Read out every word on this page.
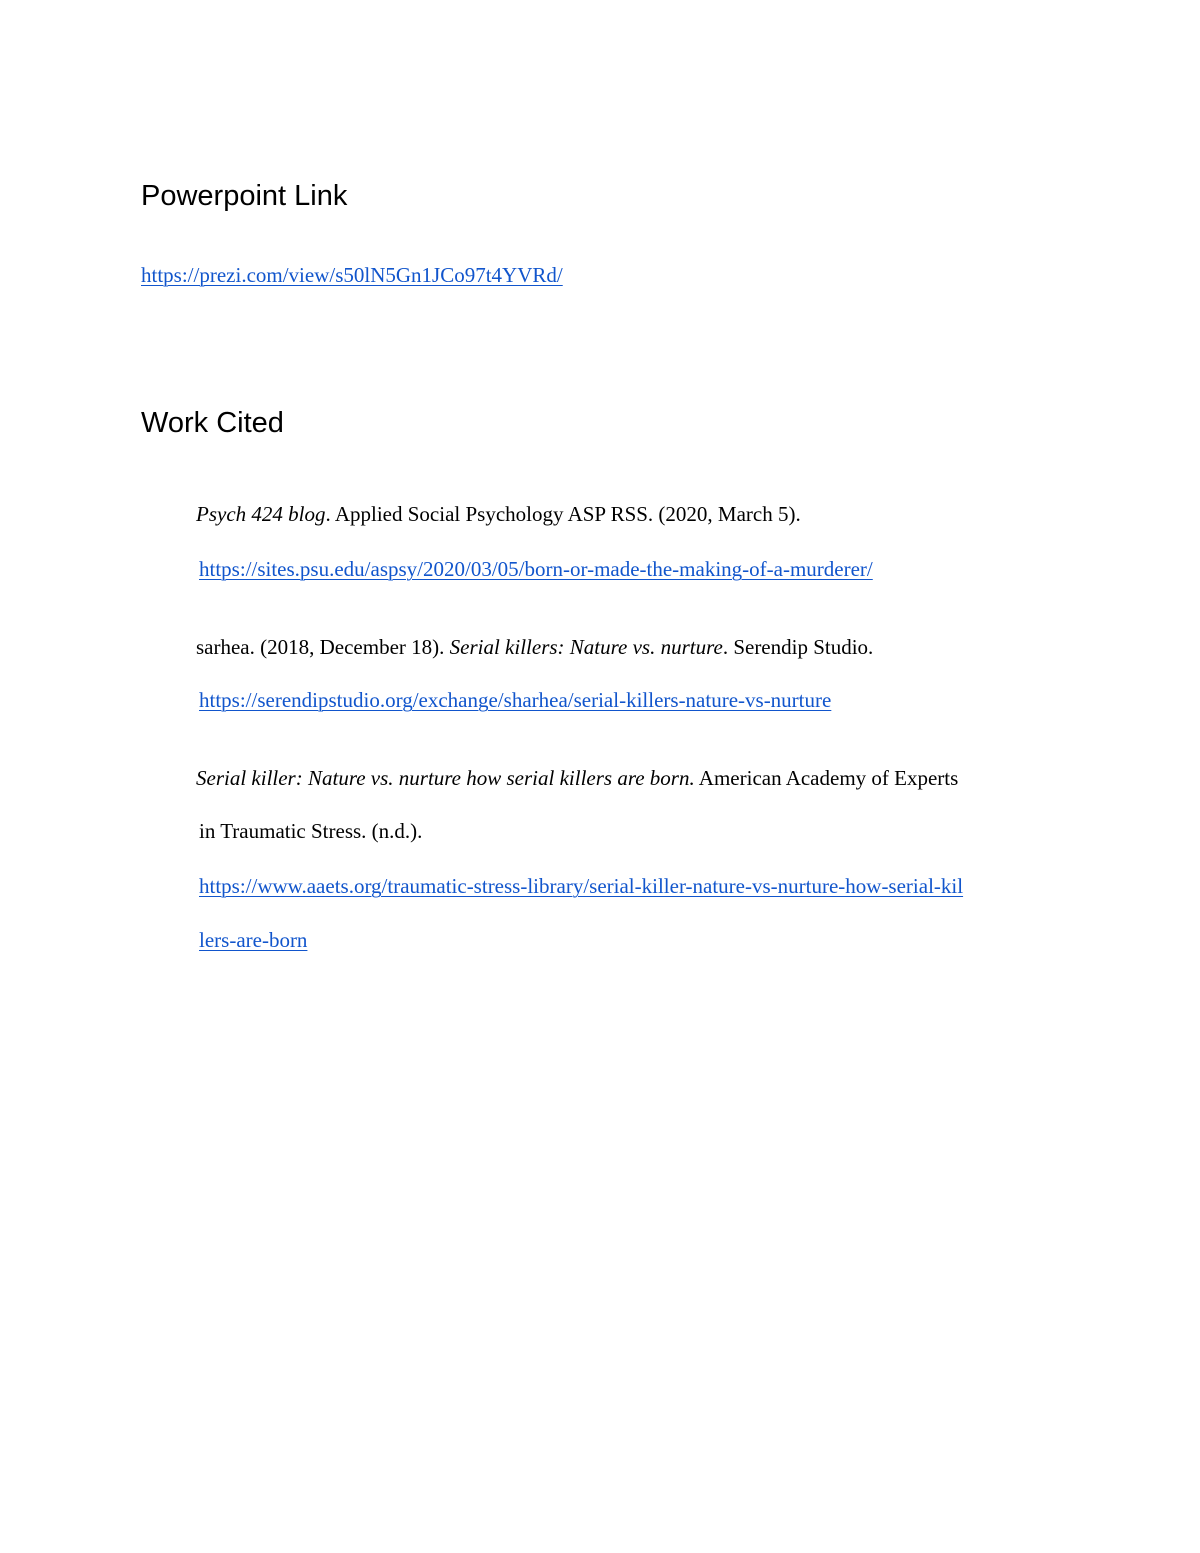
Powerpoint Link

https://prezi.com/view/s50lN5Gn1JCo97t4YVRd/

Work Cited

Psych 424 blog. Applied Social Psychology ASP RSS. (2020, March 5).

https://sites.psu.edu/aspsy/2020/03/05/born-or-made-the-making-of-a-murderer/

sarhea. (2018, December 18). Serial killers: Nature vs. nurture. Serendip Studio.

https://serendipstudio.org/exchange/sharhea/serial-killers-nature-vs-nurture

Serial killer: Nature vs. nurture how serial killers are born. American Academy of Experts

in Traumatic Stress. (n.d.).

https://www.aaets.org/traumatic-stress-library/serial-killer-nature-vs-nurture-how-serial-kil

lers-are-born
